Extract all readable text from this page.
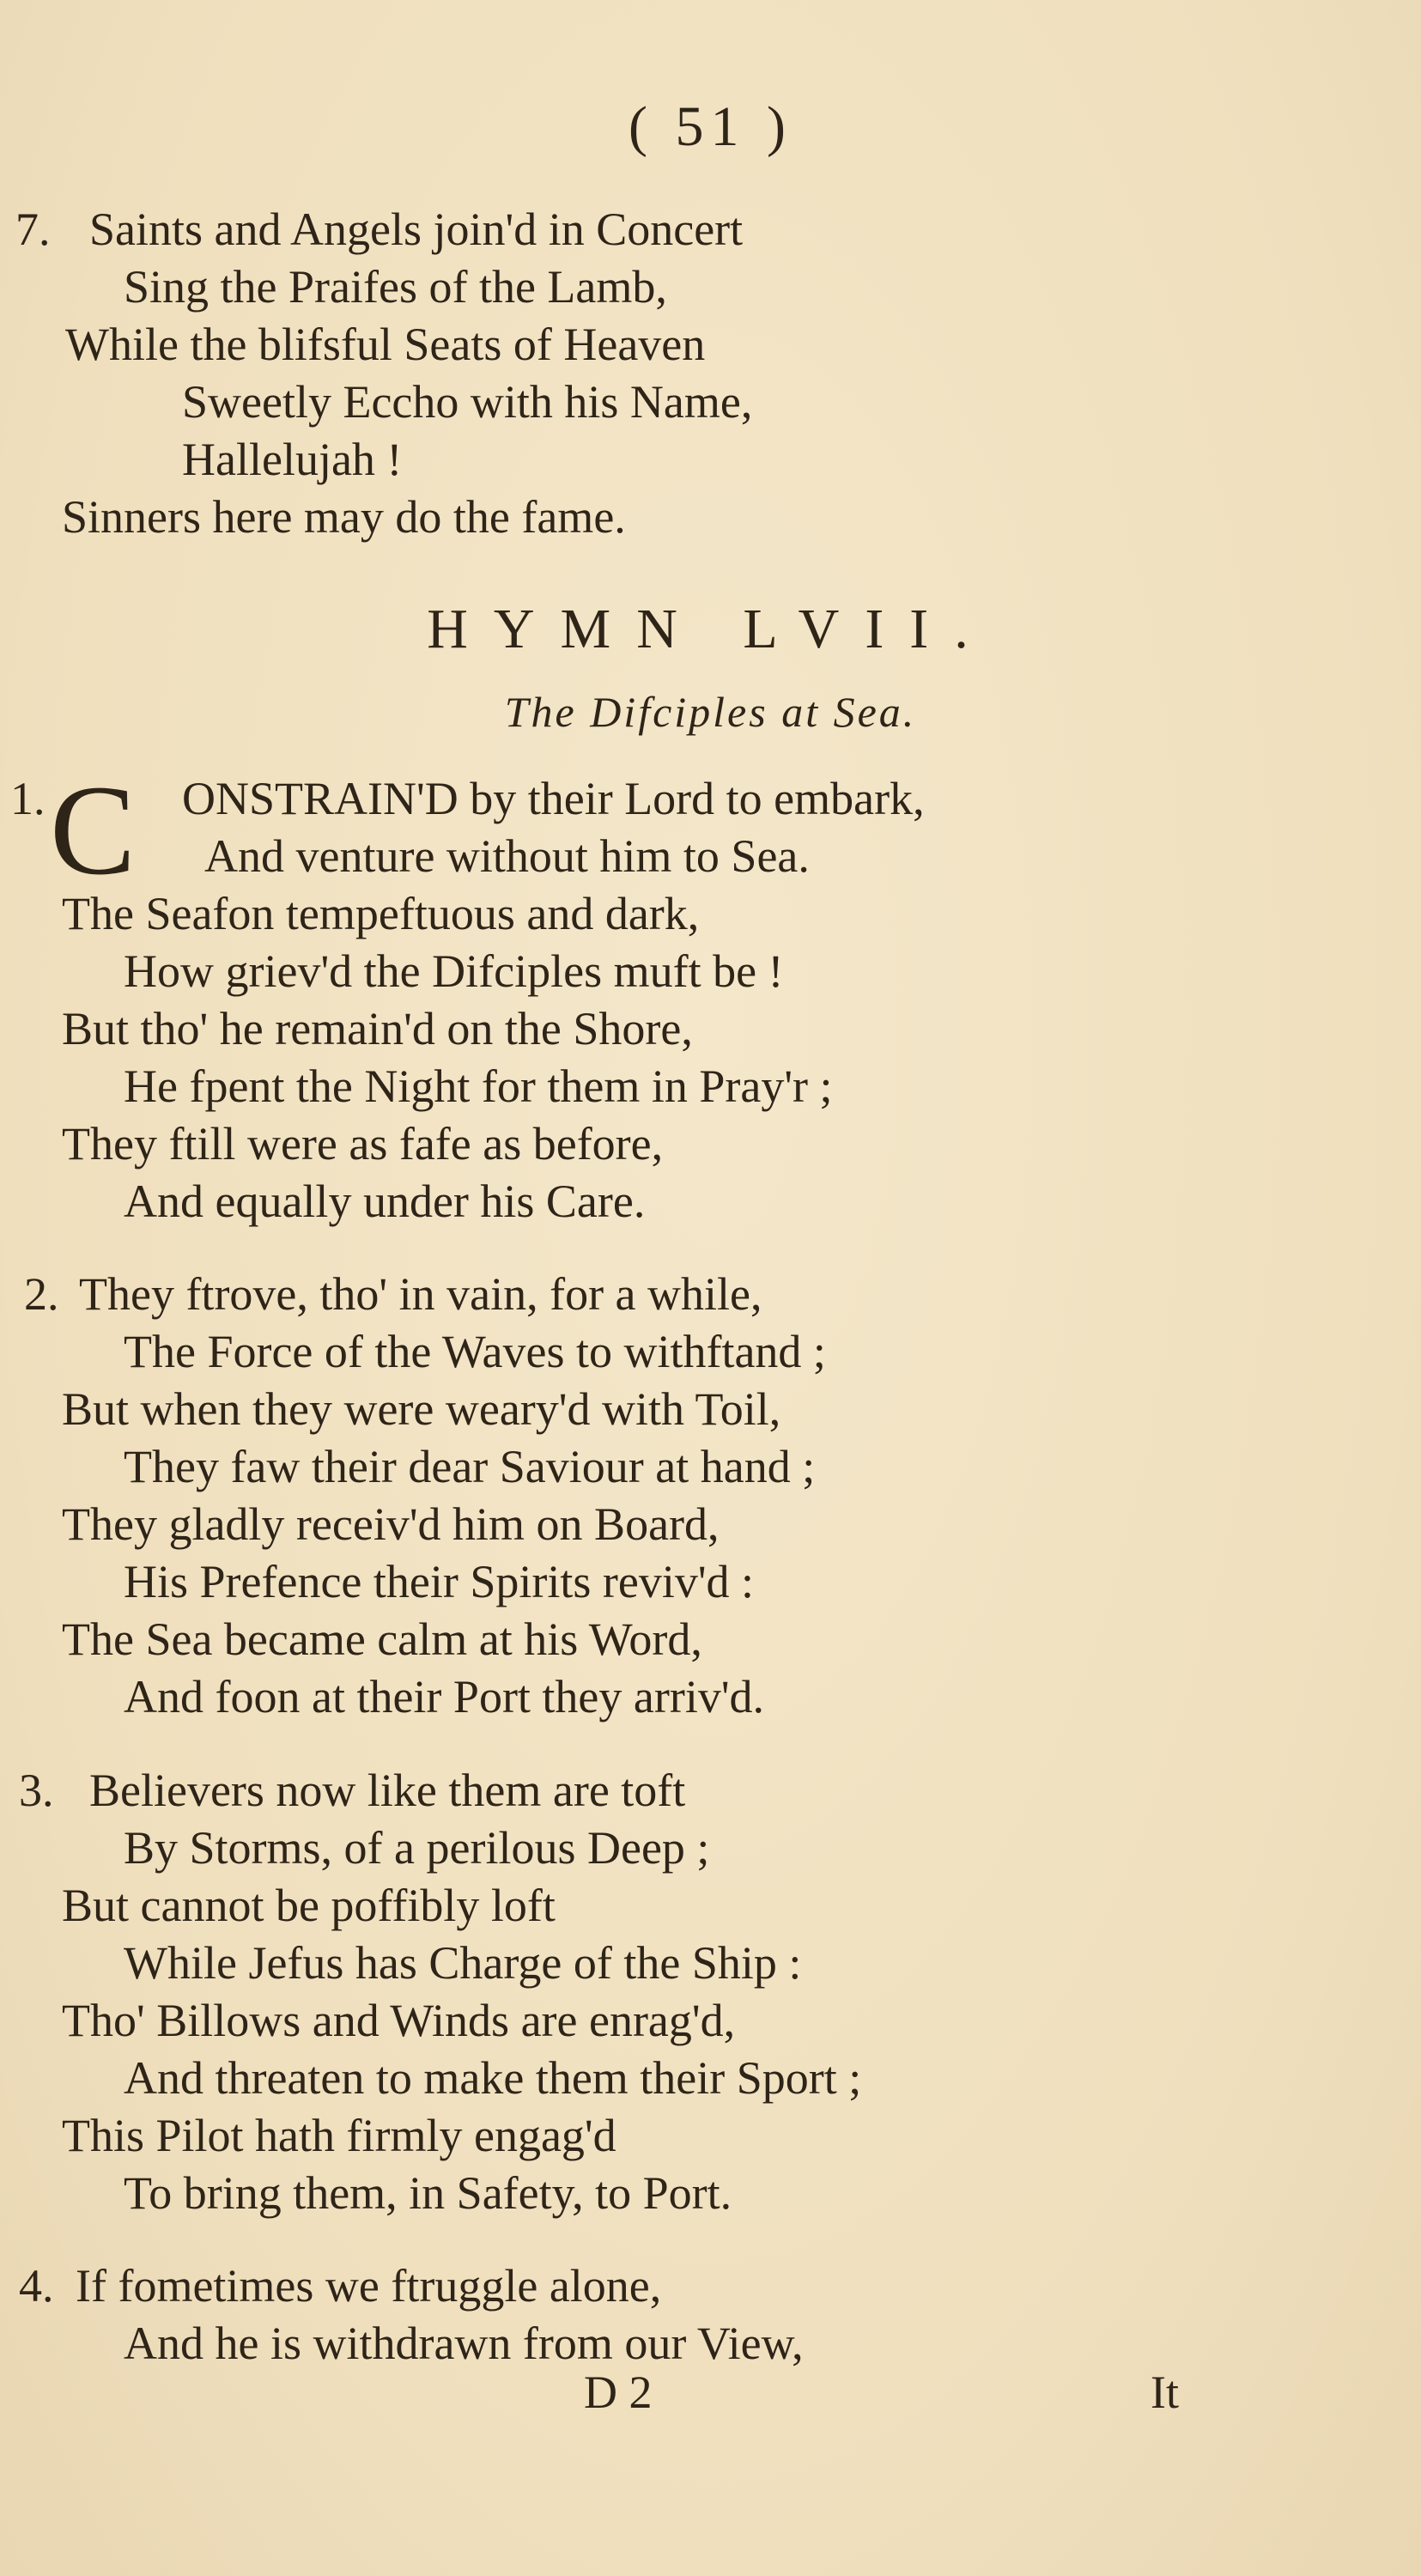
( 51 )
7. Saints and Angels join'd in Concert
Sing the Praifes of the Lamb,
While the blifsful Seats of Heaven
Sweetly Eccho with his Name,
Hallelujah !
Sinners here may do the fame.
HYMN LVII.
The Difciples at Sea.
1. C ONSTRAIN'D by their Lord to embark,
And venture without him to Sea.
The Seafon tempeftuous and dark,
How griev'd the Difciples muft be !
But tho' he remain'd on the Shore,
He fpent the Night for them in Pray'r ;
They ftill were as fafe as before,
And equally under his Care.
2. They ftrove, tho' in vain, for a while,
The Force of the Waves to withftand ;
But when they were weary'd with Toil,
They faw their dear Saviour at hand ;
They gladly receiv'd him on Board,
His Prefence their Spirits reviv'd :
The Sea became calm at his Word,
And foon at their Port they arriv'd.
3. Believers now like them are toft
By Storms, of a perilous Deep ;
But cannot be poffibly loft
While Jefus has Charge of the Ship :
Tho' Billows and Winds are enrag'd,
And threaten to make them their Sport ;
This Pilot hath firmly engag'd
To bring them, in Safety, to Port.
4. If fometimes we ftruggle alone,
And he is withdrawn from our View,
D 2	It
